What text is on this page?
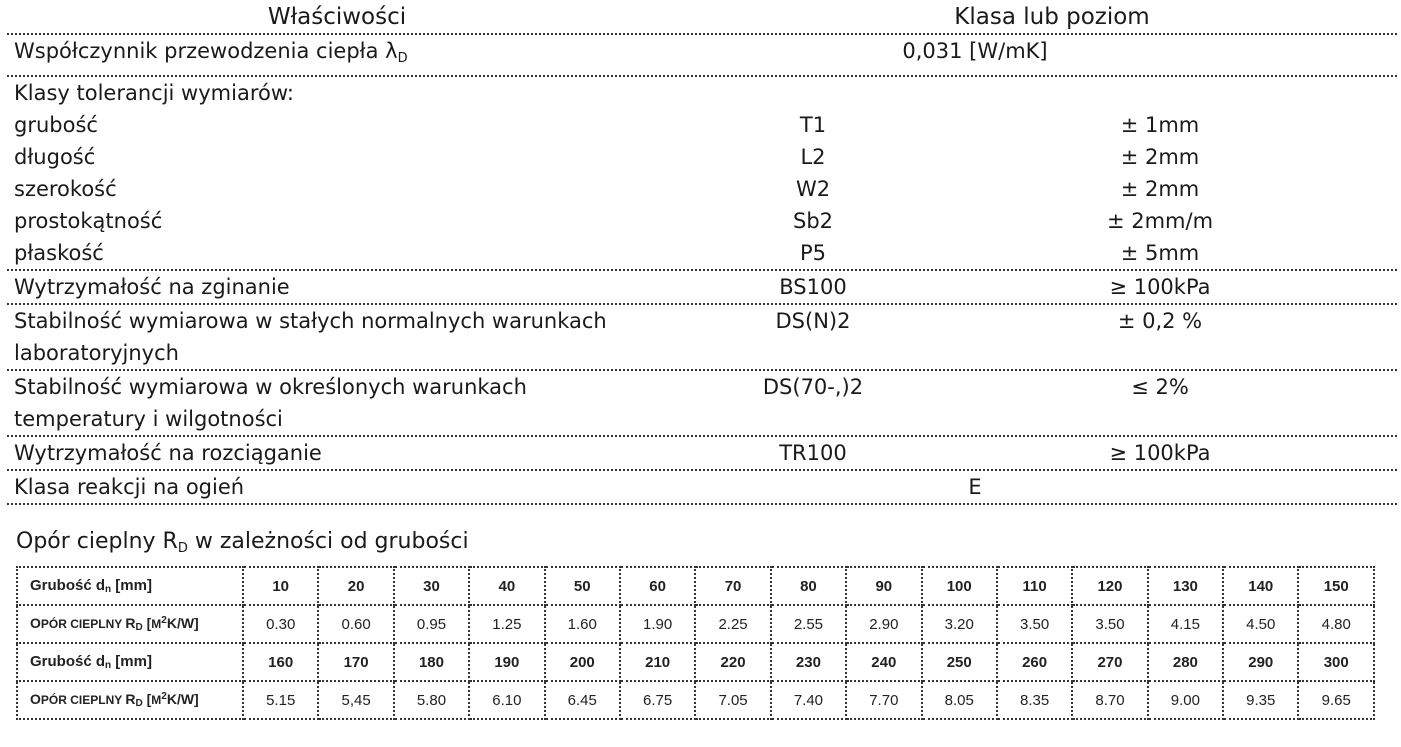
Właściwości	Klasa lub poziom
Współczynnik przewodzenia ciepła $\lambda_D$	0,031 [W/mK]
Klasy tolerancji wymiarów:
grubość	T1	± 1mm
długość	L2	± 2mm
szerokość	W2	± 2mm
prostokątność	Sb2	± 2mm/m
płaskość	P5	± 5mm
Wytrzymałość na zginanie	BS100	≥ 100kPa
Stabilność wymiarowa w stałych normalnych warunkach
laboratoryjnych
DS(N)2	± 0,2 %
Stabilność wymiarowa w określonych warunkach
temperatury i wilgotności
DS(70-,)2	≤ 2%
Wytrzymałość na rozciąganie	TR100	≥ 100kPa
Klasa reakcji na ogień	E
Opór cieplny $R_D$ w zależności od grubości
Grubość $d_n$ [mm]	10	20	30	40	50	60	70	80	90	100	110	120	130	140	150
OPÓR CIEPLNY $R_D$ $[M^2K/W]$	0.30	0.60	0.95	1.25	1.60	1.90	2.25	2.55	2.90	3.20	3.50	3.50	4.15	4.50	4.80
Grubość $d_n$ [mm]	160	170	180	190	200	210	220	230	240	250	260	270	280	290	300
OPÓR CIEPLNY $R_D$ $[M^2K/W]$	5.15	5,45	5.80	6.10	6.45	6.75	7.05	7.40	7.70	8.05	8.35	8.70	9.00	9.35	9.65
